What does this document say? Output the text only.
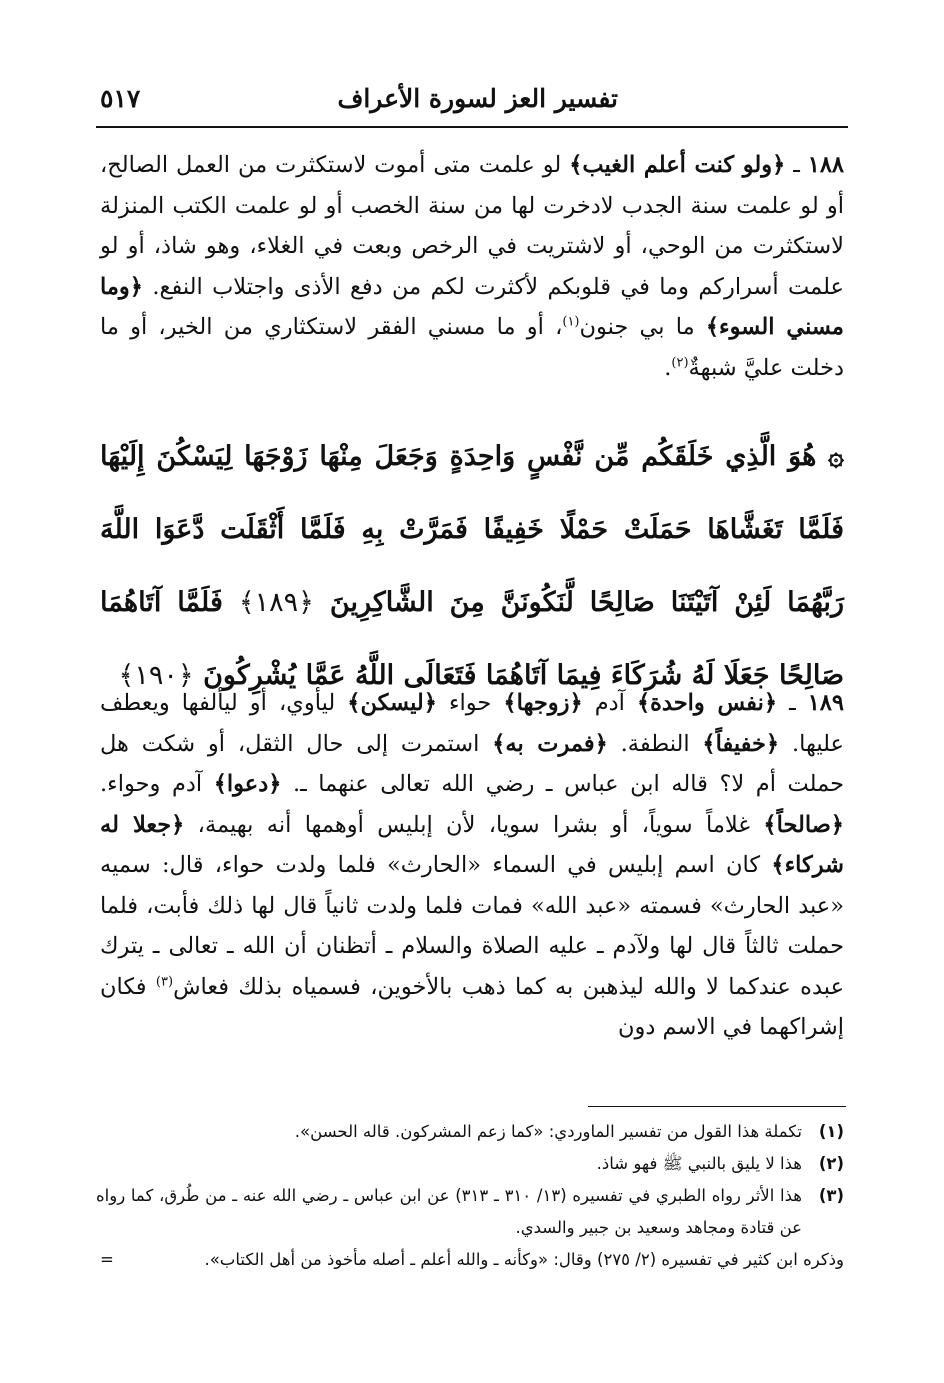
تفسير العز لسورة الأعراف
٥١٧
١٨٨ ـ ﴿ولو كنت أعلم الغيب﴾ لو علمت متى أموت لاستكثرت من العمل الصالح، أو لو علمت سنة الجدب لادخرت لها من سنة الخصب أو لو علمت الكتب المنزلة لاستكثرت من الوحي، أو لاشتريت في الرخص وبعت في الغلاء، وهو شاذ، أو لو علمت أسراركم وما في قلوبكم لأكثرت لكم من دفع الأذى واجتلاب النفع. ﴿وما مسني السوء﴾ ما بي جنون$^{(١)}$، أو ما مسني الفقر لاستكثاري من الخير، أو ما دخلت عليَّ شبهةٌ$^{(٢)}$.
۞ هُوَ الَّذِي خَلَقَكُم مِّن نَّفْسٍ وَاحِدَةٍ وَجَعَلَ مِنْهَا زَوْجَهَا لِيَسْكُنَ إِلَيْهَا فَلَمَّا تَغَشَّاهَا حَمَلَتْ حَمْلًا خَفِيفًا فَمَرَّتْ بِهِ فَلَمَّا أَثْقَلَت دَّعَوَا اللَّهَ رَبَّهُمَا لَئِنْ آتَيْتَنَا صَالِحًا لَّنَكُونَنَّ مِنَ الشَّاكِرِينَ ﴿١٨٩﴾ فَلَمَّا آتَاهُمَا صَالِحًا جَعَلَا لَهُ شُرَكَاءَ فِيمَا آتَاهُمَا فَتَعَالَى اللَّهُ عَمَّا يُشْرِكُونَ ﴿١٩٠﴾
١٨٩ ـ ﴿نفس واحدة﴾ آدم ﴿زوجها﴾ حواء ﴿ليسكن﴾ ليأوي، أو ليألفها ويعطف عليها. ﴿خفيفاً﴾ النطفة. ﴿فمرت به﴾ استمرت إلى حال الثقل، أو شكت هل حملت أم لا؟ قاله ابن عباس ـ رضي الله تعالى عنهما ـ. ﴿دعوا﴾ آدم وحواء. ﴿صالحاً﴾ غلاماً سوياً، أو بشرا سويا، لأن إبليس أوهمها أنه بهيمة، ﴿جعلا له شركاء﴾ كان اسم إبليس في السماء «الحارث» فلما ولدت حواء، قال: سميه «عبد الحارث» فسمته «عبد الله» فمات فلما ولدت ثانياً قال لها ذلك فأبت، فلما حملت ثالثاً قال لها ولآدم ـ عليه الصلاة والسلام ـ أتظنان أن الله ـ تعالى ـ يترك عبده عندكما لا والله ليذهبن به كما ذهب بالأخوين، فسمياه بذلك فعاش$^{(٣)}$ فكان إشراكهما في الاسم دون
(١)
تكملة هذا القول من تفسير الماوردي: «كما زعم المشركون. قاله الحسن».
(٢)
هذا لا يليق بالنبي ﷺ فهو شاذ.
(٣)
هذا الأثر رواه الطبري في تفسيره (١٣/ ٣١٠ ـ ٣١٣) عن ابن عباس ـ رضي الله عنه ـ من طُرق، كما رواه عن قتادة ومجاهد وسعيد بن جبير والسدي.
وذكره ابن كثير في تفسيره (٢/ ٢٧٥) وقال: «وكأنه ـ والله أعلم ـ أصله مأخوذ من أهل الكتاب».
=
